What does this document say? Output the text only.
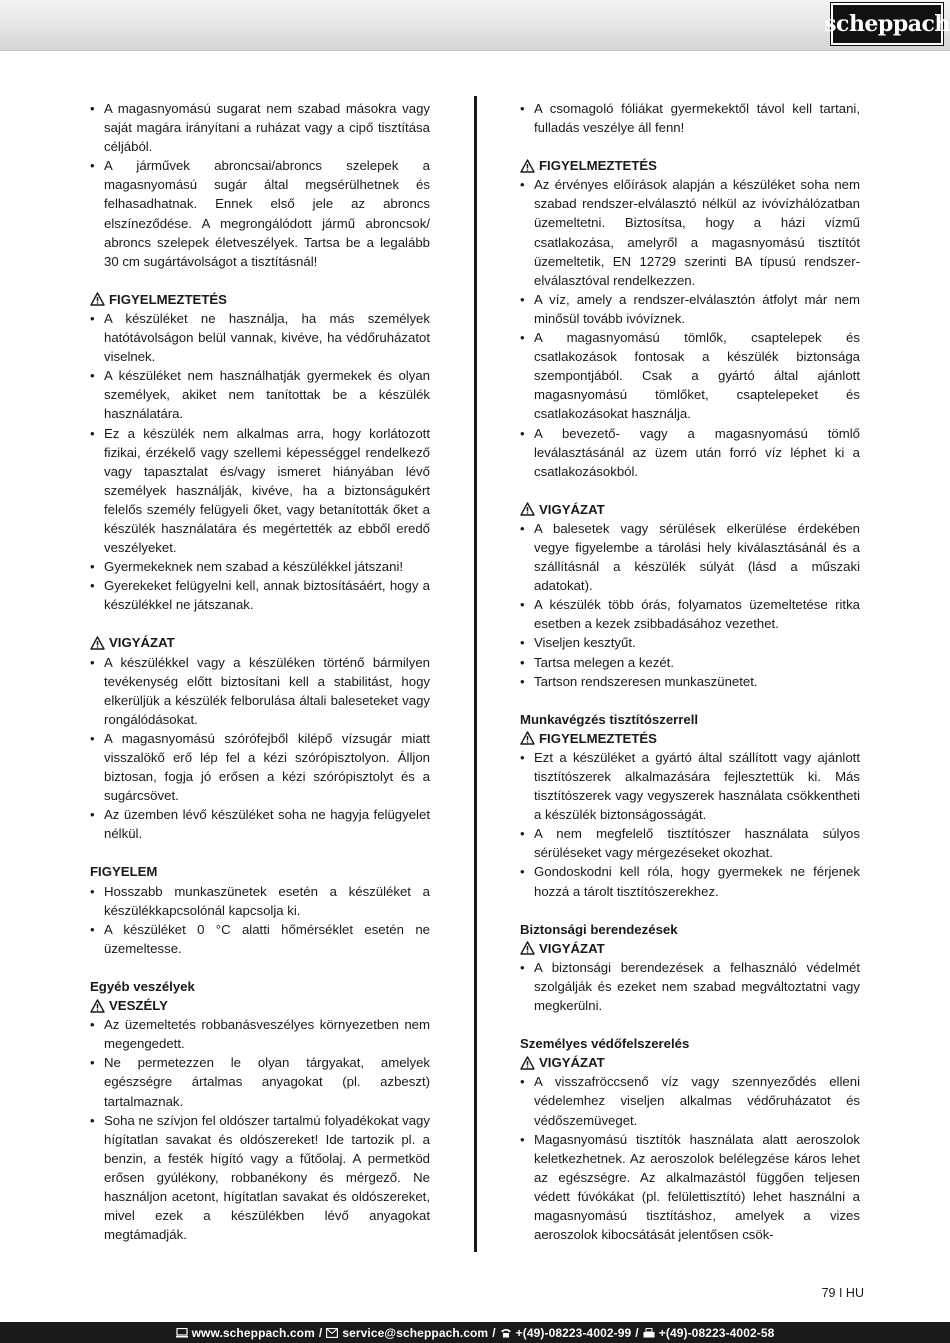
scheppach
• A magasnyomású sugarat nem szabad másokra vagy saját magára irányítani a ruházat vagy a cipő tisztítása céljából.
• A járművek abroncsai/abroncs szelepek a magasnyomású sugár által megsérülhetnek és felhasadhatnak. Ennek első jele az abroncs elszíneződése. A megrongálódott jármű abroncsok/ abroncs szelepek életveszélyek. Tartsa be a legalább 30 cm sugártávolságot a tisztításnál!
FIGYELMEZTETÉS
• A készüléket ne használja, ha más személyek hatótávolságon belül vannak, kivéve, ha védőruházatot viselnek.
• A készüléket nem használhatják gyermekek és olyan személyek, akiket nem tanítottak be a készülék használatára.
• Ez a készülék nem alkalmas arra, hogy korlátozott fizikai, érzékelő vagy szellemi képességgel rendelkező vagy tapasztalat és/vagy ismeret hiányában lévő személyek használják, kivéve, ha a biztonságukért felelős személy felügyeli őket, vagy betanították őket a készülék használatára és megértették az ebből eredő veszélyeket.
• Gyermekeknek nem szabad a készülékkel játszani!
• Gyerekeket felügyelni kell, annak biztosításáért, hogy a készülékkel ne játszanak.
VIGYÁZAT
• A készülékkel vagy a készüléken történő bármilyen tevékenység előtt biztosítani kell a stabilitást, hogy elkerüljük a készülék felborulása általi baleseteket vagy rongálódásokat.
• A magasnyomású szórófejből kilépő vízsugár miatt visszalökő erő lép fel a kézi szórópisztolyon. Álljon biztosan, fogja jó erősen a kézi szórópisztolyt és a sugárcsövet.
• Az üzemben lévő készüléket soha ne hagyja felügyelet nélkül.
FIGYELEM
• Hosszabb munkaszünetek esetén a készüléket a készülékkapcsolónál kapcsolja ki.
• A készüléket 0 °C alatti hőmérséklet esetén ne üzemeltesse.
Egyéb veszélyek
VESZÉLY
• Az üzemeltetés robbanásveszélyes környezetben nem megengedett.
• Ne permetezzen le olyan tárgyakat, amelyek egészségre ártalmas anyagokat (pl. azbeszt) tartalmaznak.
• Soha ne szívjon fel oldószer tartalmú folyadékokat vagy hígítatlan savakat és oldószereket! Ide tartozik pl. a benzin, a festék hígító vagy a fűtőolaj. A permetköd erősen gyúlékony, robbanékony és mérgező. Ne használjon acetont, hígítatlan savakat és oldószereket, mivel ezek a készülékben lévő anyagokat megtámadják.
• A csomagoló fóliákat gyermekektől távol kell tartani, fulladás veszélye áll fenn!
FIGYELMEZTETÉS
• Az érvényes előírások alapján a készüléket soha nem szabad rendszer-elválasztó nélkül az ivóvízhálózatban üzemeltetni. Biztosítsa, hogy a házi vízmű csatlakozása, amelyről a magasnyomású tisztítót üzemeltetik, EN 12729 szerinti BA típusú rendszer-elválasztóval rendelkezzen.
• A víz, amely a rendszer-elválasztón átfolyt már nem minősül tovább ivóvíznek.
• A magasnyomású tömlők, csaptelepek és csatlakozások fontosak a készülék biztonsága szempontjából. Csak a gyártó által ajánlott magasnyomású tömlőket, csaptelepeket és csatlakozásokat használja.
• A bevezető- vagy a magasnyomású tömlő leválasztásánál az üzem után forró víz léphet ki a csatlakozásokból.
VIGYÁZAT
• A balesetek vagy sérülések elkerülése érdekében vegye figyelembe a tárolási hely kiválasztásánál és a szállításnál a készülék súlyát (lásd a műszaki adatokat).
• A készülék több órás, folyamatos üzemeltetése ritka esetben a kezek zsibbadásához vezethet.
• Viseljen kesztyűt.
• Tartsa melegen a kezét.
• Tartson rendszeresen munkaszünetet.
Munkavégzés tisztítószerrell
FIGYELMEZTETÉS
• Ezt a készüléket a gyártó által szállított vagy ajánlott tisztítószerek alkalmazására fejlesztettük ki. Más tisztítószerek vagy vegyszerek használata csökkentheti a készülék biztonságosságát.
• A nem megfelelő tisztítószer használata súlyos sérüléseket vagy mérgezéseket okozhat.
• Gondoskodni kell róla, hogy gyermekek ne férjenek hozzá a tárolt tisztítószerekhez.
Biztonsági berendezések
VIGYÁZAT
• A biztonsági berendezések a felhasználó védelmét szolgálják és ezeket nem szabad megváltoztatni vagy megkerülni.
Személyes védőfelszerelés
VIGYÁZAT
• A visszafröccsenő víz vagy szennyeződés elleni védelemhez viseljen alkalmas védőruházatot és védőszemüveget.
• Magasnyomású tisztítók használata alatt aeroszolok keletkezhetnek. Az aeroszolok belélegzése káros lehet az egészségre. Az alkalmazástól függően teljesen védett fúvókákat (pl. felülettisztító) lehet használni a magasnyomású tisztításhoz, amelyek a vizes aeroszolok kibocsátását jelentősen csök-
79 I HU
www.scheppach.com / service@scheppach.com / +(49)-08223-4002-99 / +(49)-08223-4002-58
